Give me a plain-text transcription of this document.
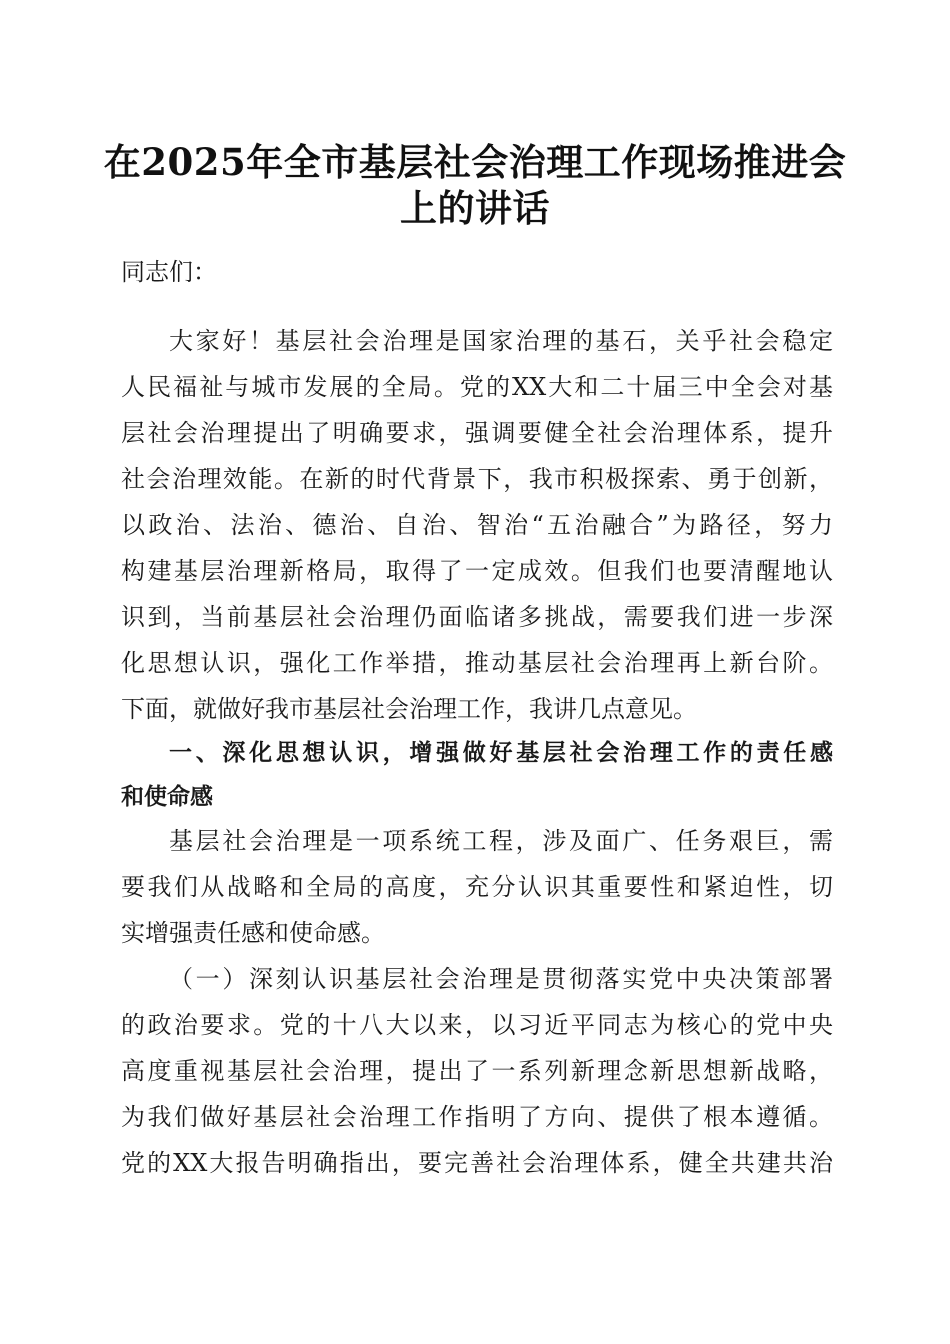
在2025年全市基层社会治理工作现场推进会
上的讲话
同志们：
大家好！基层社会治理是国家治理的基石，关乎社会稳定
人民福祉与城市发展的全局。党的XX大和二十届三中全会对基
层社会治理提出了明确要求，强调要健全社会治理体系，提升
社会治理效能。在新的时代背景下，我市积极探索、勇于创新，
以政治、法治、德治、自治、智治“五治融合”为路径，努力
构建基层治理新格局，取得了一定成效。但我们也要清醒地认
识到，当前基层社会治理仍面临诸多挑战，需要我们进一步深
化思想认识，强化工作举措，推动基层社会治理再上新台阶。
下面，就做好我市基层社会治理工作，我讲几点意见。
一、深化思想认识，增强做好基层社会治理工作的责任感
和使命感
基层社会治理是一项系统工程，涉及面广、任务艰巨，需
要我们从战略和全局的高度，充分认识其重要性和紧迫性，切
实增强责任感和使命感。
（一）深刻认识基层社会治理是贯彻落实党中央决策部署
的政治要求。党的十八大以来，以习近平同志为核心的党中央
高度重视基层社会治理，提出了一系列新理念新思想新战略，
为我们做好基层社会治理工作指明了方向、提供了根本遵循。
党的XX大报告明确指出，要完善社会治理体系，健全共建共治
